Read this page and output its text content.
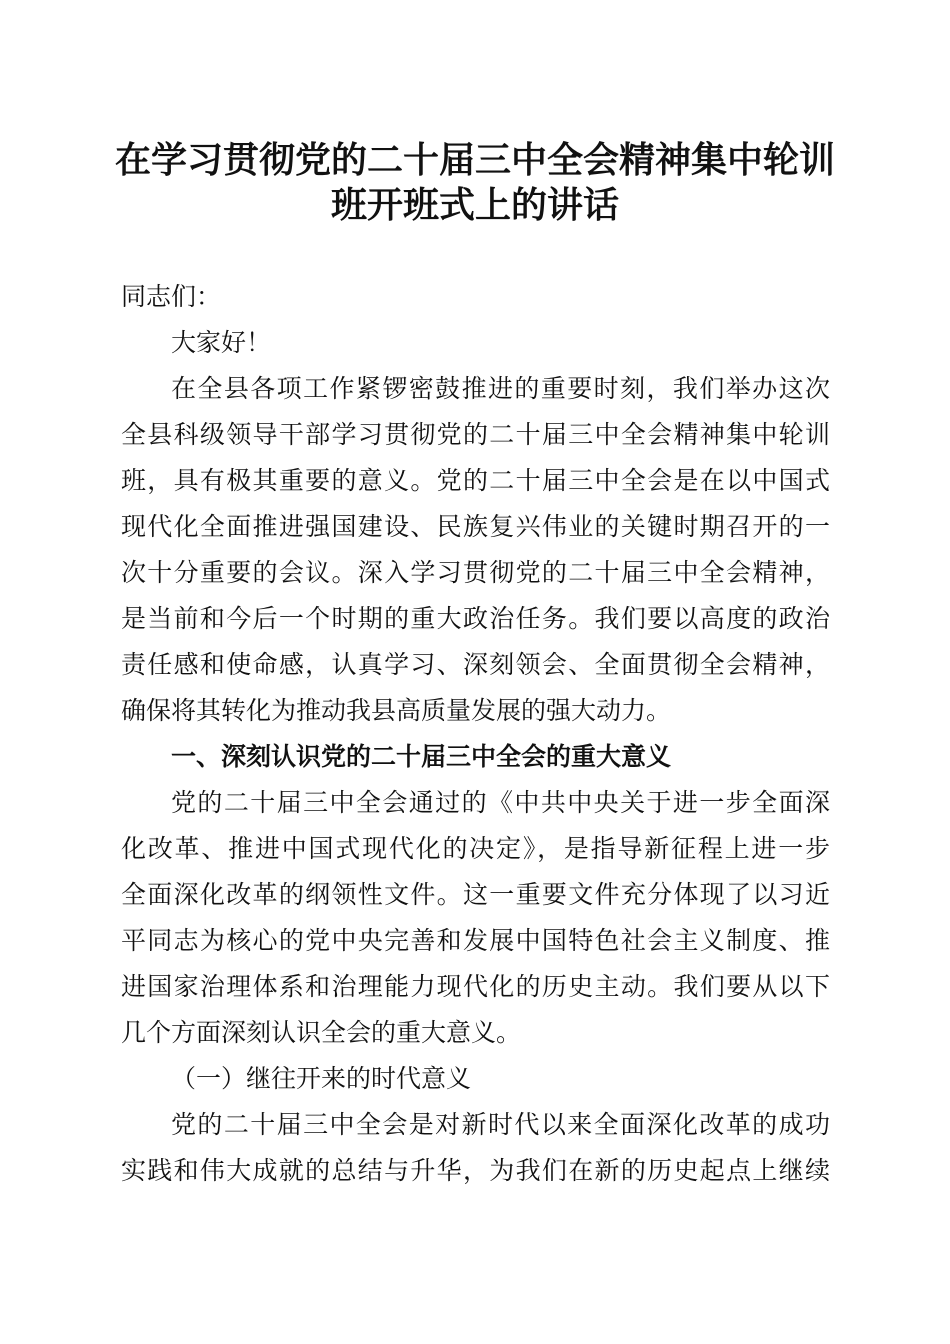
在学习贯彻党的二十届三中全会精神集中轮训
班开班式上的讲话
同志们：
大家好！
在全县各项工作紧锣密鼓推进的重要时刻，我们举办这次
全县科级领导干部学习贯彻党的二十届三中全会精神集中轮训
班，具有极其重要的意义。党的二十届三中全会是在以中国式
现代化全面推进强国建设、民族复兴伟业的关键时期召开的一
次十分重要的会议。深入学习贯彻党的二十届三中全会精神，
是当前和今后一个时期的重大政治任务。我们要以高度的政治
责任感和使命感，认真学习、深刻领会、全面贯彻全会精神，
确保将其转化为推动我县高质量发展的强大动力。
一、深刻认识党的二十届三中全会的重大意义
党的二十届三中全会通过的《中共中央关于进一步全面深
化改革、推进中国式现代化的决定》，是指导新征程上进一步
全面深化改革的纲领性文件。这一重要文件充分体现了以习近
平同志为核心的党中央完善和发展中国特色社会主义制度、推
进国家治理体系和治理能力现代化的历史主动。我们要从以下
几个方面深刻认识全会的重大意义。
（一）继往开来的时代意义
党的二十届三中全会是对新时代以来全面深化改革的成功
实践和伟大成就的总结与升华，为我们在新的历史起点上继续
